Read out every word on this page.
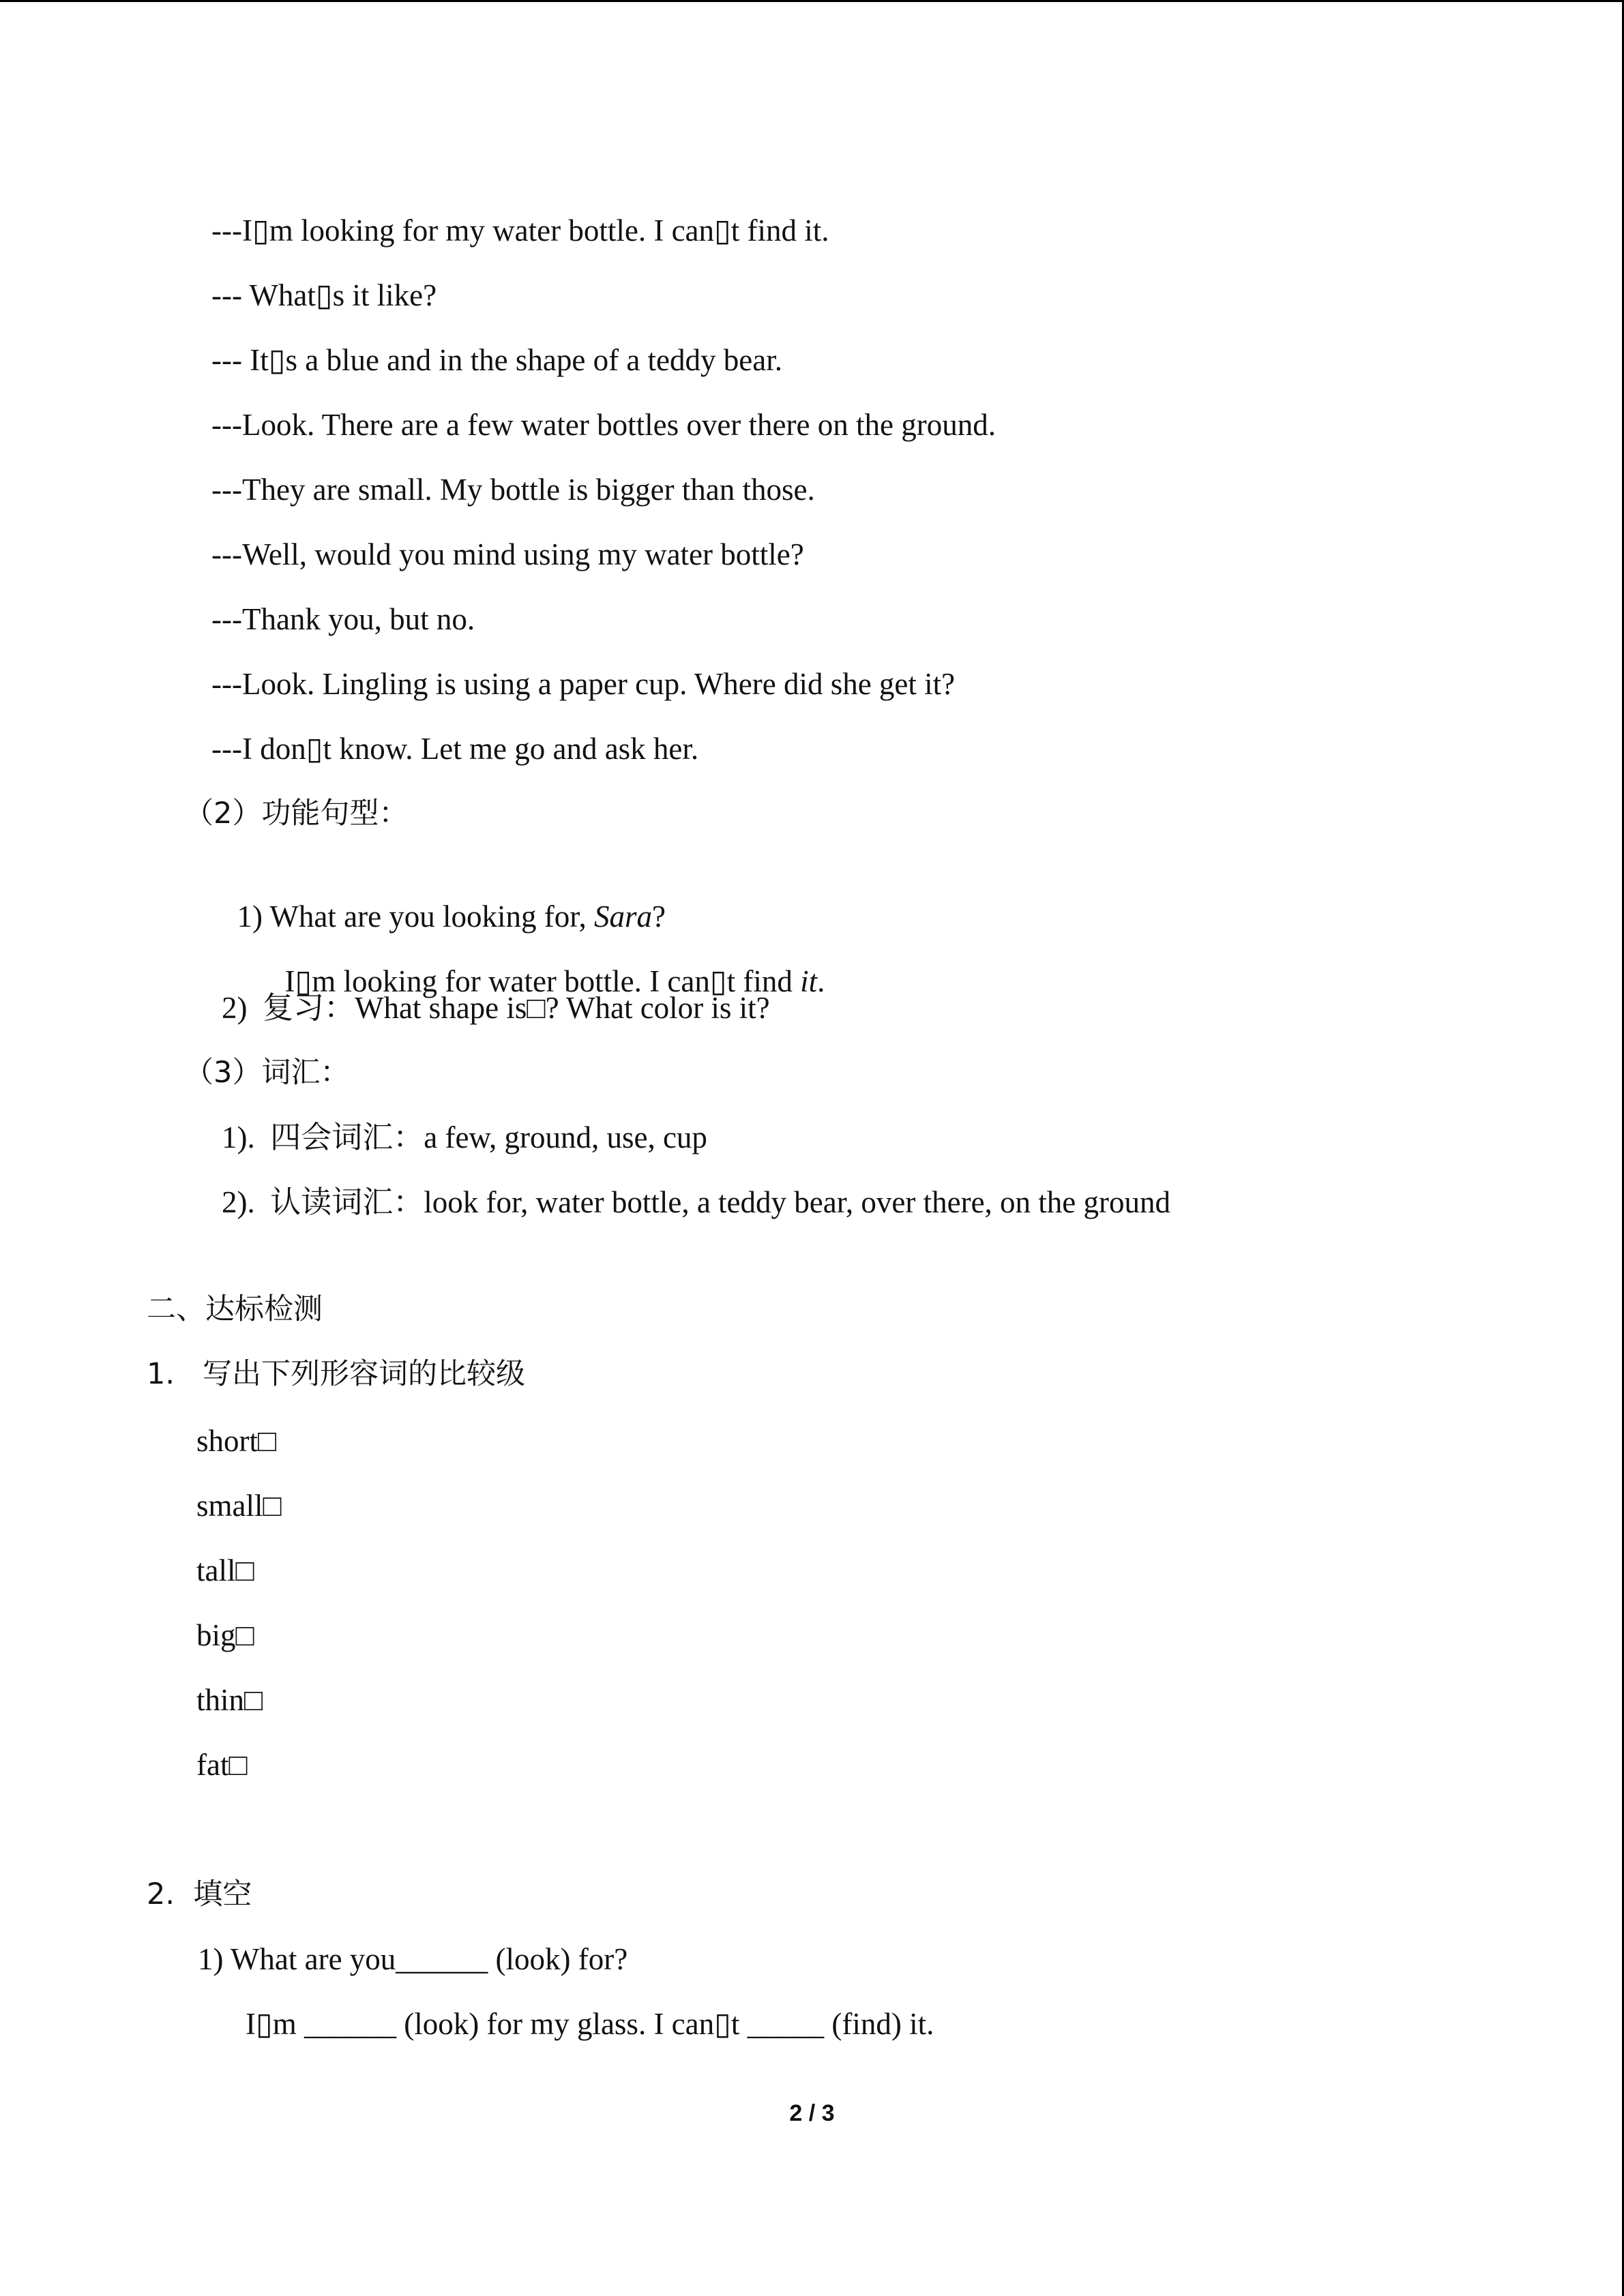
---I▯m looking for my water bottle. I can▯t find it.
--- What▯s it like?
--- It▯s a blue and in the shape of a teddy bear.
---Look. There are a few water bottles over there on the ground.
---They are small. My bottle is bigger than those.
---Well, would you mind using my water bottle?
---Thank you, but no.
---Look. Lingling is using a paper cup. Where did she get it?
---I don▯t know. Let me go and ask her.
（2）功能句型：

1) What are you looking for, Sara?

I▯m looking for water bottle. I can▯t find it.

2)  复习：What shape is□? What color is it?
（3）词汇：
1).  四会词汇：a few, ground, use, cup
2).  认读词汇：look for, water bottle, a teddy bear, over there, on the ground
二、达标检测
1.   写出下列形容词的比较级
short□
small□
tall□
big□
thin□
fat□
2.  填空
1) What are you______ (look) for?
I▯m ______ (look) for my glass. I can▯t _____ (find) it.
2 / 3
